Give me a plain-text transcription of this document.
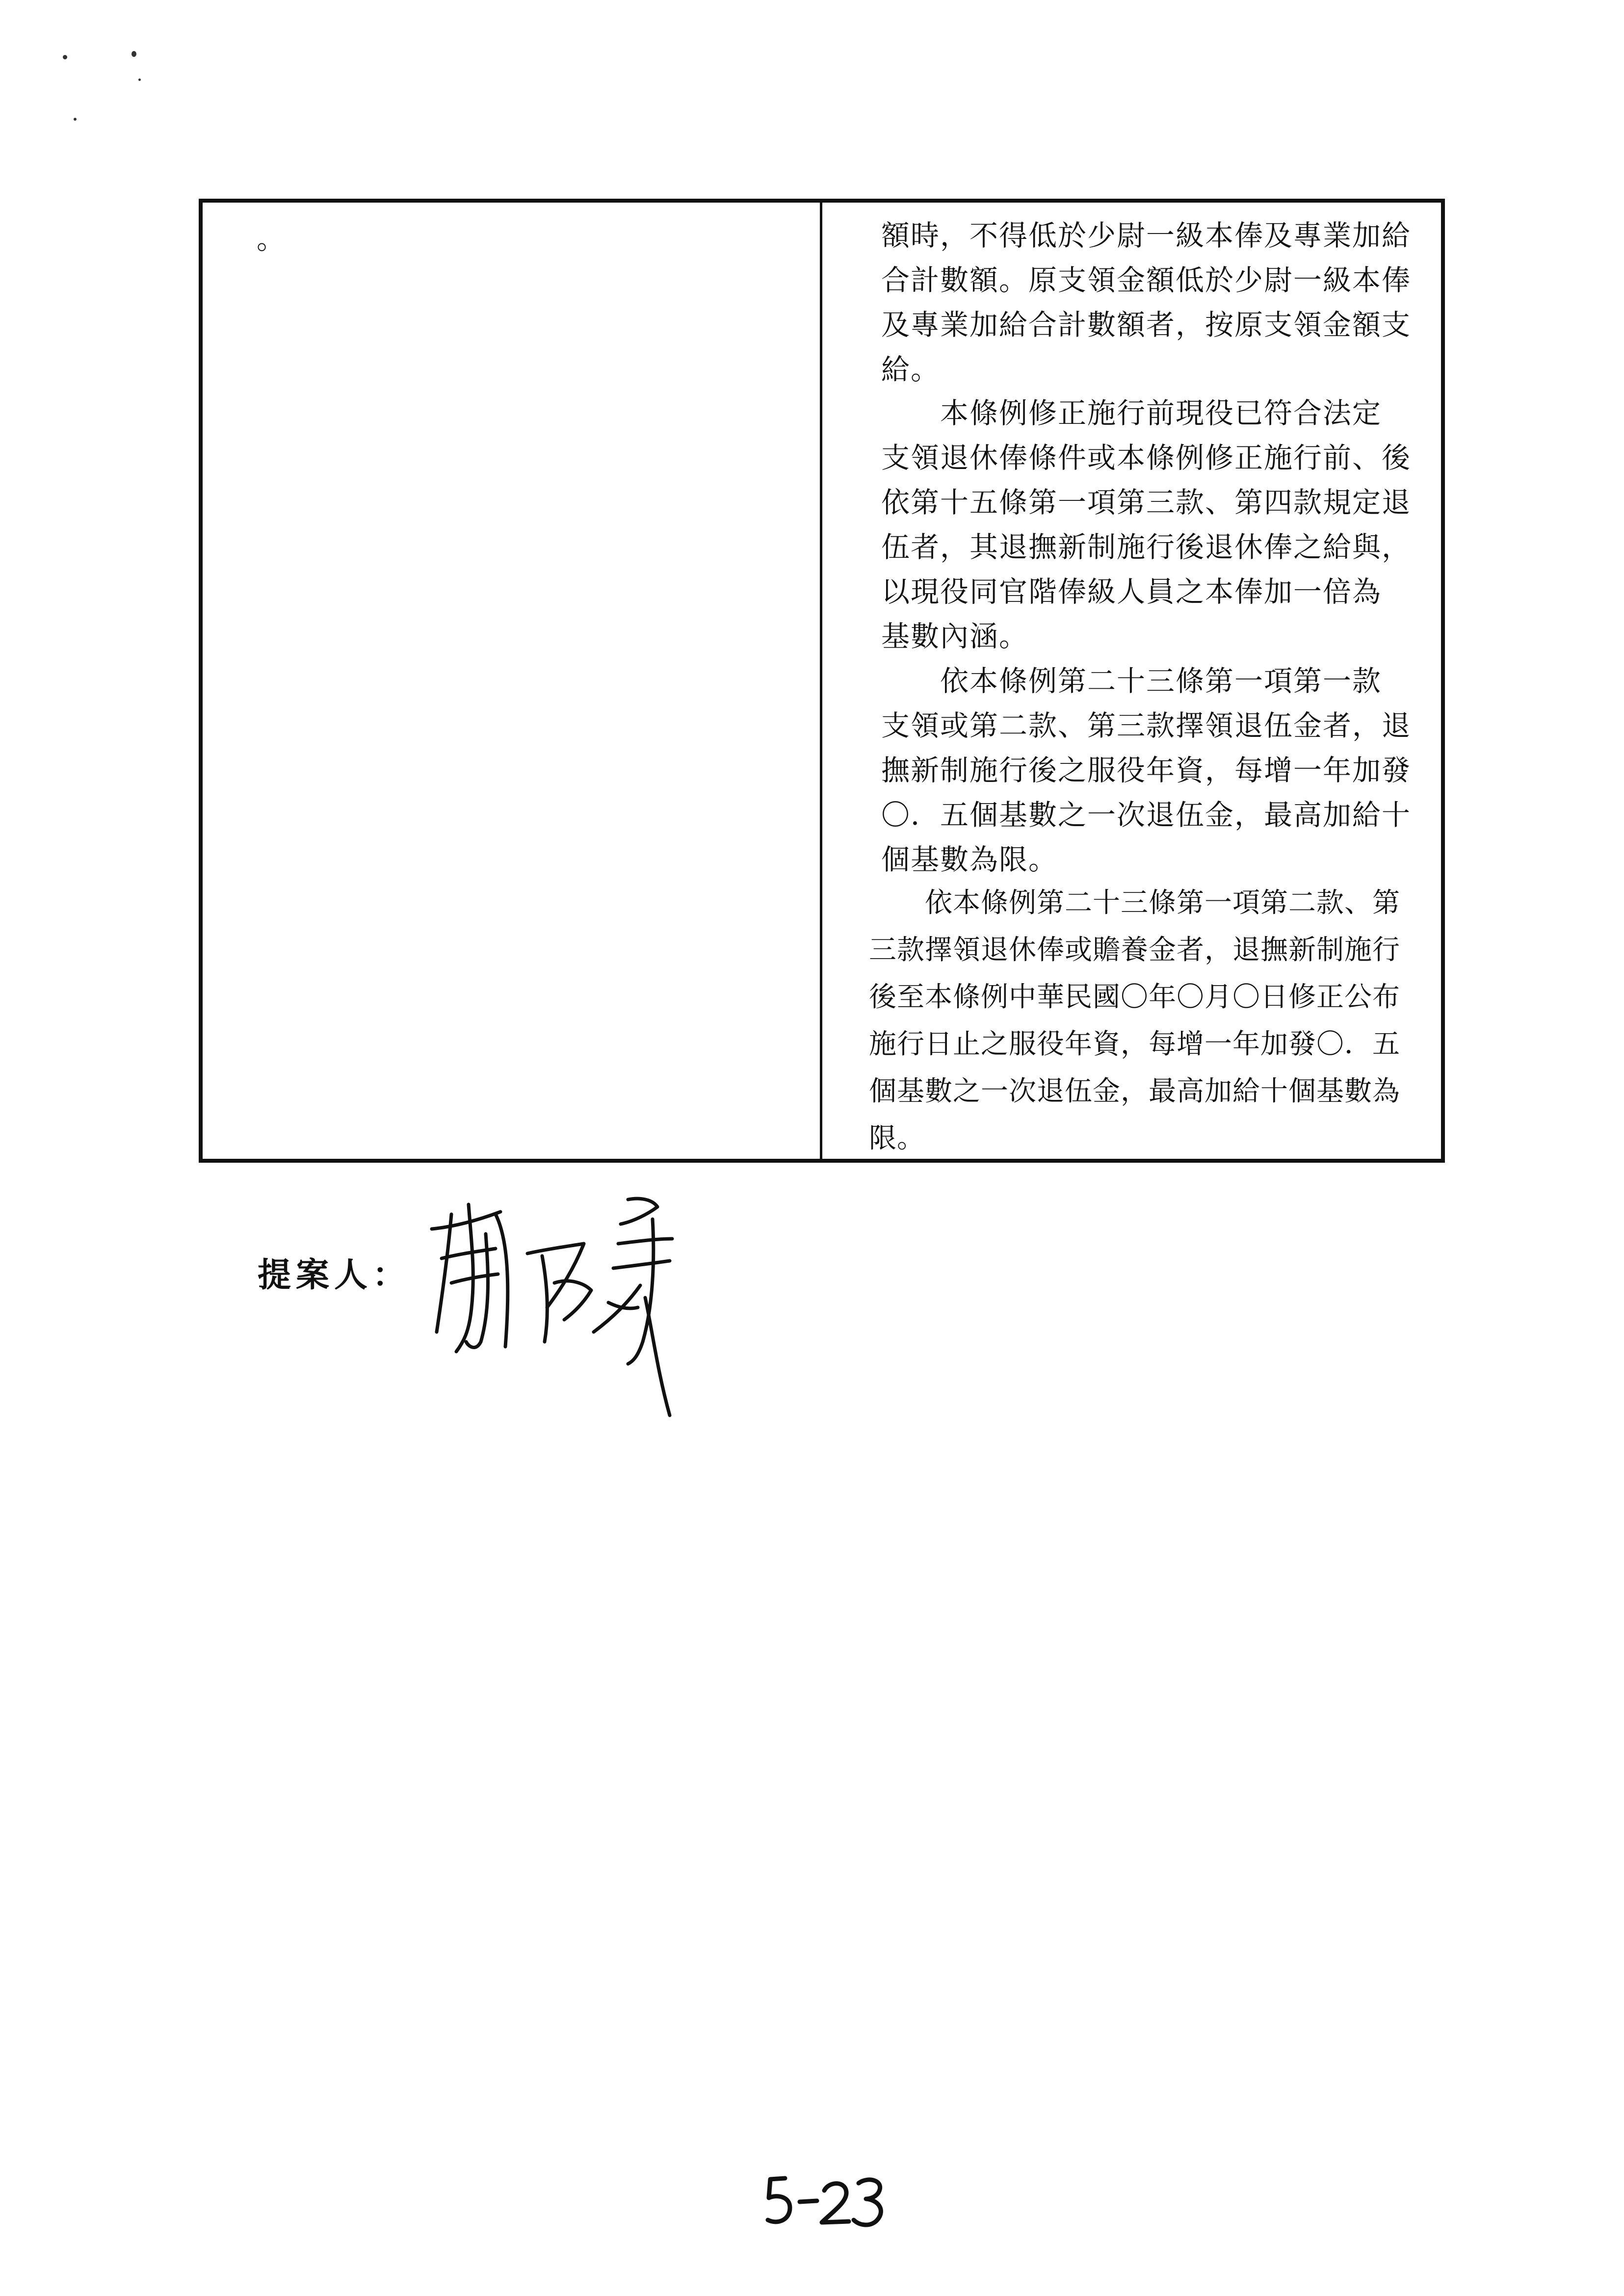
。	額時，不得低於少尉一級本俸及專業加給
合計數額。原支領金額低於少尉一級本俸
及專業加給合計數額者，按原支領金額支
給。
　　本條例修正施行前現役已符合法定
支領退休俸條件或本條例修正施行前、後
依第十五條第一項第三款、第四款規定退
伍者，其退撫新制施行後退休俸之給與，
以現役同官階俸級人員之本俸加一倍為
基數內涵。
　　依本條例第二十三條第一項第一款
支領或第二款、第三款擇領退伍金者，退
撫新制施行後之服役年資，每增一年加發
〇．五個基數之一次退伍金，最高加給十
個基數為限。
　　依本條例第二十三條第一項第二款、第
三款擇領退休俸或贍養金者，退撫新制施行
後至本條例中華民國〇年〇月〇日修正公布
施行日止之服役年資，每增一年加發〇．五
個基數之一次退伍金，最高加給十個基數為
限。
提案人：
